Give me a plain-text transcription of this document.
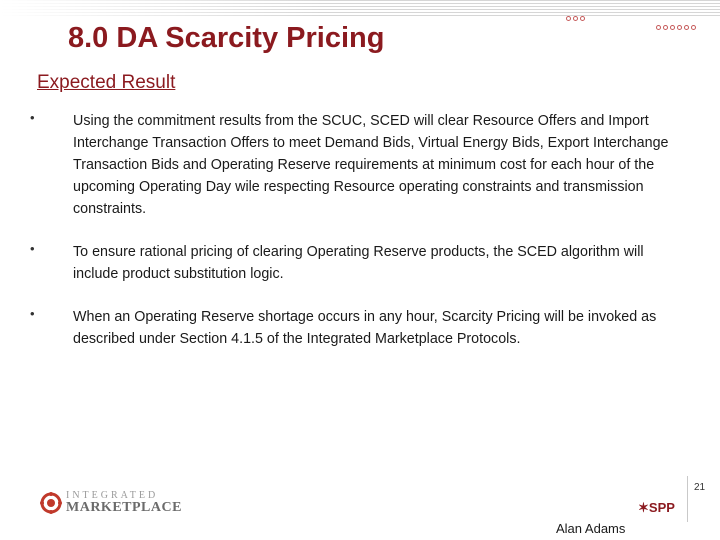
8.0 DA Scarcity Pricing
Expected Result
•	Using the commitment results from the SCUC, SCED will clear Resource Offers and Import Interchange Transaction Offers to meet Demand Bids, Virtual Energy Bids, Export Interchange Transaction Bids and Operating Reserve requirements at minimum cost for each hour of the upcoming Operating Day wile respecting Resource operating constraints and transmission constraints.
•	To ensure rational pricing of clearing Operating Reserve products, the SCED algorithm will include product substitution logic.
•	When an Operating Reserve shortage occurs in any hour, Scarcity Pricing will be invoked as described under Section 4.1.5 of the Integrated Marketplace Protocols.
INTEGRATED
MARKETPLACE	✶SPP
21
Alan Adams
